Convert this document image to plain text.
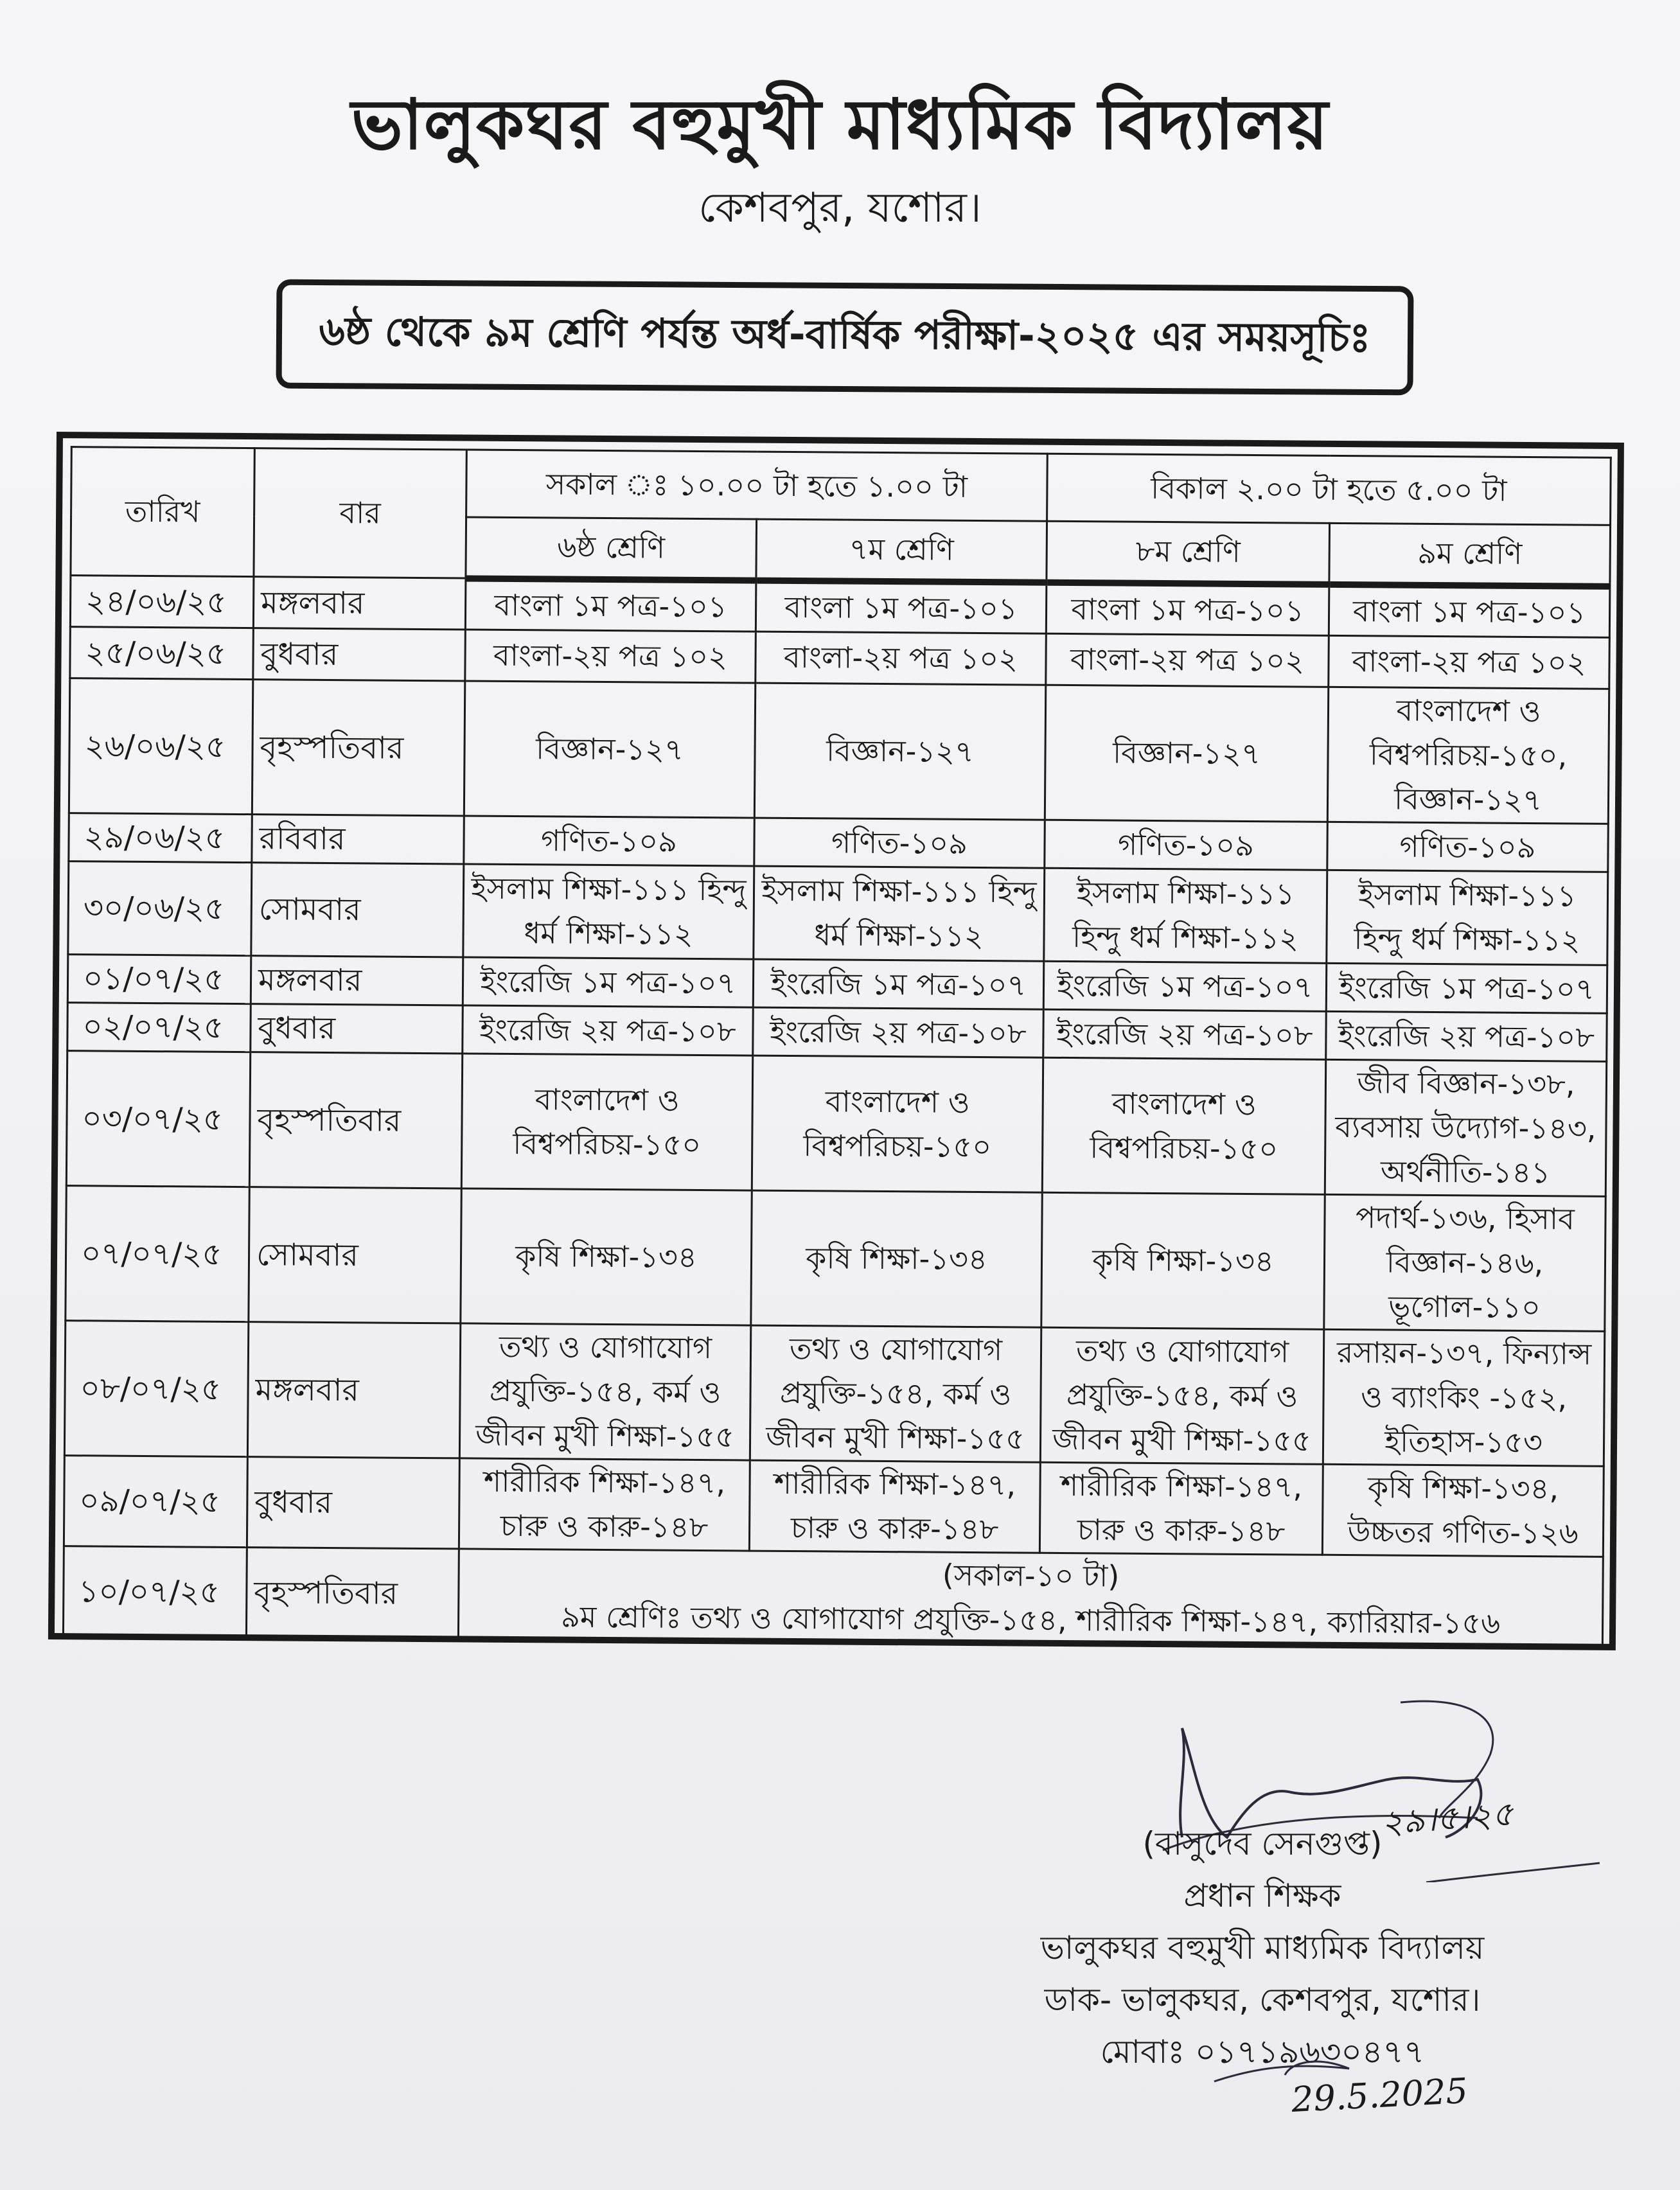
ভালুকঘর বহুমুখী মাধ্যমিক বিদ্যালয়
কেশবপুর, যশোর।
৬ষ্ঠ থেকে ৯ম শ্রেণি পর্যন্ত অর্ধ-বার্ষিক পরীক্ষা-২০২৫ এর সময়সূচিঃ
তারিখ	বার	সকাল ঃ ১০.০০ টা হতে ১.০০ টা		বিকাল ২.০০ টা হতে ৫.০০ টা	
		৬ষ্ঠ শ্রেণি	৭ম শ্রেণি	৮ম শ্রেণি	৯ম শ্রেণি
২৪/০৬/২৫	মঙ্গলবার	বাংলা ১ম পত্র-১০১	বাংলা ১ম পত্র-১০১	বাংলা ১ম পত্র-১০১	বাংলা ১ম পত্র-১০১
২৫/০৬/২৫	বুধবার	বাংলা-২য় পত্র ১০২	বাংলা-২য় পত্র ১০২	বাংলা-২য় পত্র ১০২	বাংলা-২য় পত্র ১০২
২৬/০৬/২৫	বৃহস্পতিবার	বিজ্ঞান-১২৭	বিজ্ঞান-১২৭	বিজ্ঞান-১২৭	বাংলাদেশ ও বিশ্বপরিচয়-১৫০, বিজ্ঞান-১২৭
২৯/০৬/২৫	রবিবার	গণিত-১০৯	গণিত-১০৯	গণিত-১০৯	গণিত-১০৯
৩০/০৬/২৫	সোমবার	ইসলাম শিক্ষা-১১১ হিন্দু ধর্ম শিক্ষা-১১২	ইসলাম শিক্ষা-১১১ হিন্দু ধর্ম শিক্ষা-১১২	ইসলাম শিক্ষা-১১১ হিন্দু ধর্ম শিক্ষা-১১২	ইসলাম শিক্ষা-১১১ হিন্দু ধর্ম শিক্ষা-১১২
০১/০৭/২৫	মঙ্গলবার	ইংরেজি ১ম পত্র-১০৭	ইংরেজি ১ম পত্র-১০৭	ইংরেজি ১ম পত্র-১০৭	ইংরেজি ১ম পত্র-১০৭
০২/০৭/২৫	বুধবার	ইংরেজি ২য় পত্র-১০৮	ইংরেজি ২য় পত্র-১০৮	ইংরেজি ২য় পত্র-১০৮	ইংরেজি ২য় পত্র-১০৮
০৩/০৭/২৫	বৃহস্পতিবার	বাংলাদেশ ও বিশ্বপরিচয়-১৫০	বাংলাদেশ ও বিশ্বপরিচয়-১৫০	বাংলাদেশ ও বিশ্বপরিচয়-১৫০	জীব বিজ্ঞান-১৩৮, ব্যবসায় উদ্যোগ-১৪৩, অর্থনীতি-১৪১
০৭/০৭/২৫	সোমবার	কৃষি শিক্ষা-১৩৪	কৃষি শিক্ষা-১৩৪	কৃষি শিক্ষা-১৩৪	পদার্থ-১৩৬, হিসাব বিজ্ঞান-১৪৬, ভূগোল-১১০
০৮/০৭/২৫	মঙ্গলবার	তথ্য ও যোগাযোগ প্রযুক্তি-১৫৪, কর্ম ও জীবন মুখী শিক্ষা-১৫৫	তথ্য ও যোগাযোগ প্রযুক্তি-১৫৪, কর্ম ও জীবন মুখী শিক্ষা-১৫৫	তথ্য ও যোগাযোগ প্রযুক্তি-১৫৪, কর্ম ও জীবন মুখী শিক্ষা-১৫৫	রসায়ন-১৩৭, ফিন্যান্স ও ব্যাংকিং -১৫২, ইতিহাস-১৫৩
০৯/০৭/২৫	বুধবার	শারীরিক শিক্ষা-১৪৭, চারু ও কারু-১৪৮	শারীরিক শিক্ষা-১৪৭, চারু ও কারু-১৪৮	শারীরিক শিক্ষা-১৪৭, চারু ও কারু-১৪৮	কৃষি শিক্ষা-১৩৪, উচ্চতর গণিত-১২৬
১০/০৭/২৫	বৃহস্পতিবার	(সকাল-১০ টা)
৯ম শ্রেণিঃ তথ্য ও যোগাযোগ প্রযুক্তি-১৫৪, শারীরিক শিক্ষা-১৪৭, ক্যারিয়ার-১৫৬			
২৯।৫।২৫
(বাসুদেব সেনগুপ্ত)
প্রধান শিক্ষক
ভালুকঘর বহুমুখী মাধ্যমিক বিদ্যালয়
ডাক- ভালুকঘর, কেশবপুর, যশোর।
মোবাঃ ০১৭১৯৬৩০৪৭৭
29.5.2025
